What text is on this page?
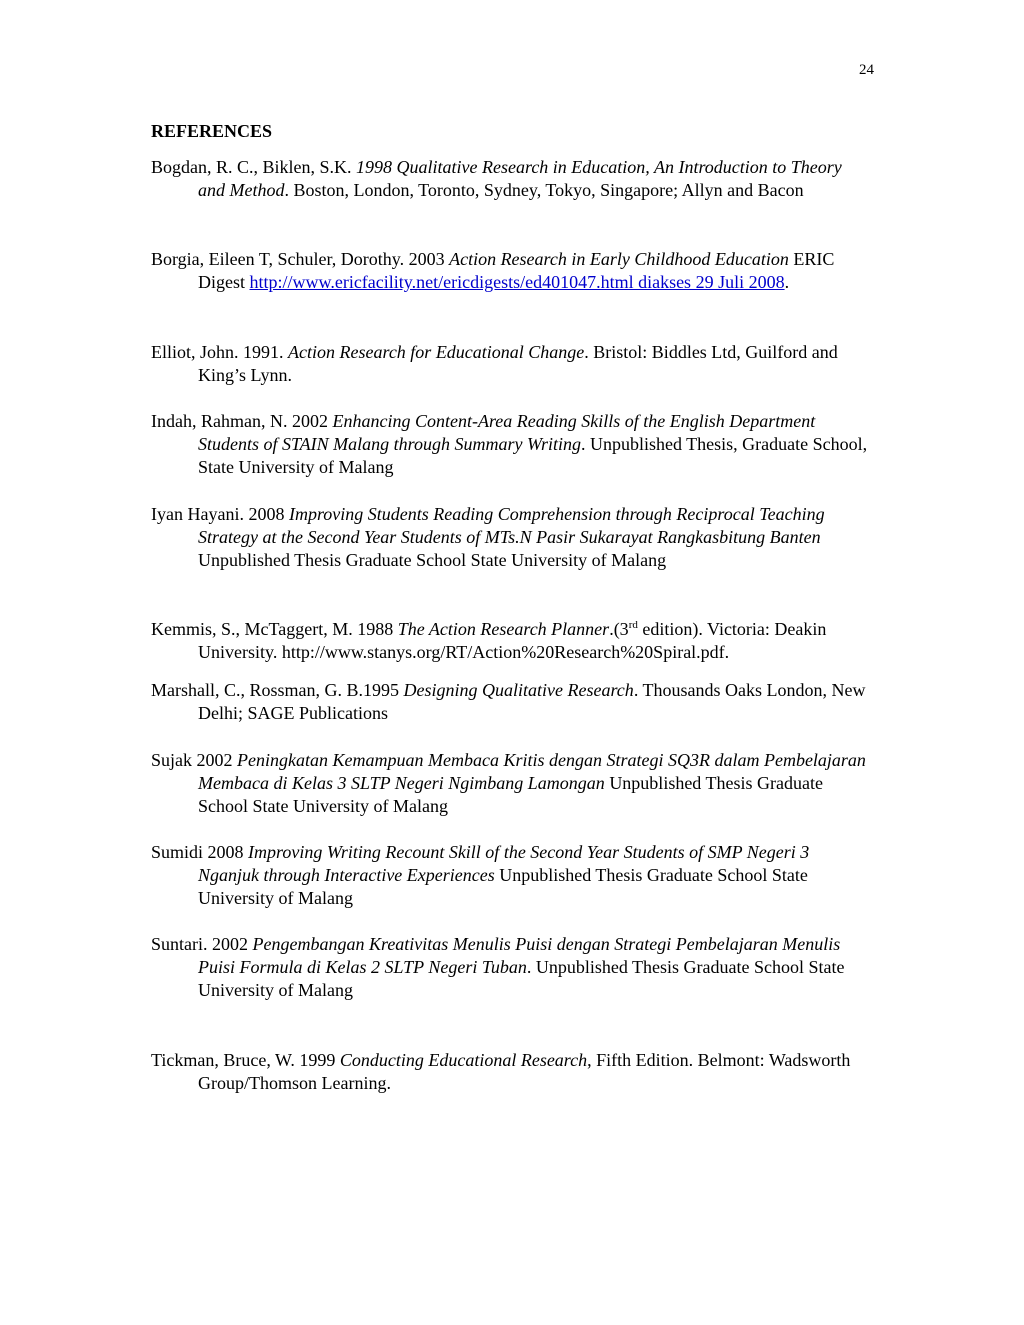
24
REFERENCES
Bogdan, R. C., Biklen, S.K. 1998 Qualitative Research in Education, An Introduction to Theory and Method. Boston, London, Toronto, Sydney, Tokyo, Singapore; Allyn and Bacon
Borgia, Eileen T, Schuler, Dorothy. 2003 Action Research in Early Childhood Education ERIC Digest http://www.ericfacility.net/ericdigests/ed401047.html diakses 29 Juli 2008.
Elliot, John. 1991. Action Research for Educational Change. Bristol: Biddles Ltd, Guilford and King’s Lynn.
Indah, Rahman, N. 2002 Enhancing Content-Area Reading Skills of the English Department Students of STAIN Malang through Summary Writing. Unpublished Thesis, Graduate School, State University of Malang
Iyan Hayani. 2008 Improving Students Reading Comprehension through Reciprocal Teaching Strategy at the Second Year Students of MTs.N Pasir Sukarayat Rangkasbitung Banten Unpublished Thesis Graduate School State University of Malang
Kemmis, S., McTaggert, M. 1988 The Action Research Planner.(3rd edition). Victoria: Deakin University. http://www.stanys.org/RT/Action%20Research%20Spiral.pdf.
Marshall, C., Rossman, G. B.1995 Designing Qualitative Research. Thousands Oaks London, New Delhi; SAGE Publications
Sujak 2002 Peningkatan Kemampuan Membaca Kritis dengan Strategi SQ3R dalam Pembelajaran Membaca di Kelas 3 SLTP Negeri Ngimbang Lamongan Unpublished Thesis Graduate School State University of Malang
Sumidi 2008 Improving Writing Recount Skill of the Second Year Students of SMP Negeri 3 Nganjuk through Interactive Experiences Unpublished Thesis Graduate School State University of Malang
Suntari. 2002 Pengembangan Kreativitas Menulis Puisi dengan Strategi Pembelajaran Menulis Puisi Formula di Kelas 2 SLTP Negeri Tuban. Unpublished Thesis Graduate School State University of Malang
Tickman, Bruce, W. 1999 Conducting Educational Research, Fifth Edition. Belmont: Wadsworth Group/Thomson Learning.
